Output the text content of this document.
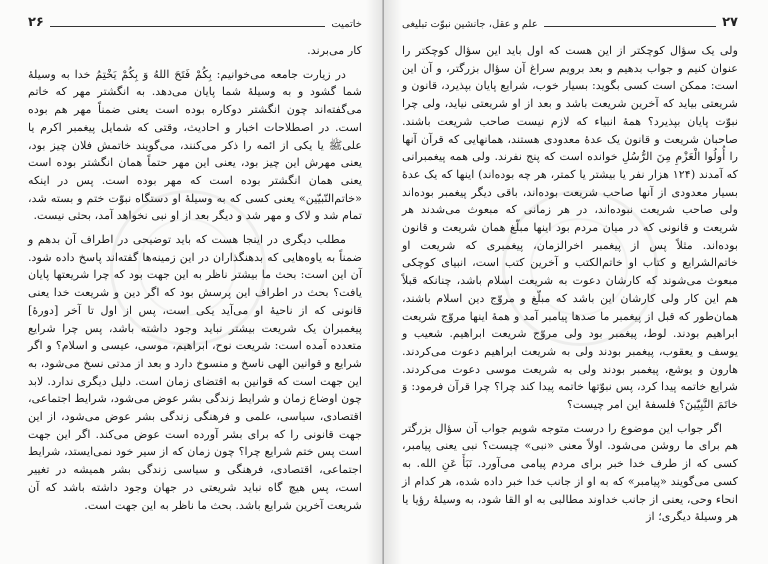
خاتمیت
۲۶

کار می‌برند.

در زیارت جامعه می‌خوانیم: بِکُمْ فَتَحَ اللهُ وَ بِکُمْ یَخْتِمُ خدا به وسیلهٔ شما گشود و به وسیلهٔ شما پایان می‌دهد. به انگشتر مهر که خاتم می‌گفته‌اند چون انگشتر دوکاره بوده است یعنی ضمناً مهر هم بوده است. در اصطلاحات اخبار و احادیث، وقتی که شمایل پیغمبر اکرم یا علی‌ﷺ یا یکی از ائمه را ذکر می‌کنند، می‌گویند خاتمش فلان چیز بود، یعنی مهرش این چیز بود، یعنی این مهر حتماً همان انگشتر بوده است یعنی همان انگشتر بوده است که مهر بوده است. پس در اینکه «خاتم‌النّبیّین» یعنی کسی که به وسیلهٔ او دستگاه نبوّت ختم و بسته شد، تمام شد و لاک و مهر شد و دیگر بعد از او نبی نخواهد آمد، بحثی نیست.

مطلب دیگری در اینجا هست که باید توضیحی در اطراف آن بدهم و ضمناً به یاوه‌هایی که بدهنگذاران در این زمینه‌ها گفته‌اند پاسخ داده شود. آن این است: بحث ما بیشتر ناظر به این جهت بود که چرا شریعتها پایان یافت؟ بحث در اطراف این پرسش بود که اگر دین و شریعت خدا یعنی قانونی که از ناحیهٔ او می‌آید یکی است، پس از اول تا آخر [دورهٔ] پیغمبران یک شریعت بیشتر نباید وجود داشته باشد، پس چرا شرایع متعدده آمده است: شریعت نوح، ابراهیم، موسی، عیسی و اسلام؟ و اگر شرایع و قوانین الهی ناسخ و منسوخ دارد و بعد از مدتی نسخ می‌شود، به این جهت است که قوانین به اقتضای زمان است. دلیل دیگری ندارد. لابد چون اوضاع زمان و شرایط زندگی بشر عوض می‌شود، شرایط اجتماعی، اقتصادی، سیاسی، علمی و فرهنگی زندگی بشر عوض می‌شود، از این جهت قانونی را که برای بشر آورده است عوض می‌کند. اگر این جهت است پس ختم شرایع چرا؟ چون زمان که از سیر خود نمی‌ایستد، شرایط اجتماعی، اقتصادی، فرهنگی و سیاسی زندگی بشر همیشه در تغییر است، پس هیچ گاه نباید شریعتی در جهان وجود داشته باشد که آن شریعت آخرین شرایع باشد. بحث ما ناظر به این جهت است.

۲۷
علم و عقل، جانشین نبوّت تبلیغی

ولی یک سؤال کوچکتر از این هست که اول باید این سؤال کوچکتر را عنوان کنیم و جواب بدهیم و بعد برویم سراغ آن سؤال بزرگتر، و آن این است: ممکن است کسی بگوید: بسیار خوب، شرایع پایان بپذیرد، قانون و شریعتی بیاید که آخرین شریعت باشد و بعد از او شریعتی نیاید، ولی چرا نبوّت پایان بپذیرد؟ همهٔ انبیاء که لازم نیست صاحب شریعت باشند. صاحبان شریعت و قانون یک عدهٔ معدودی هستند، همانهایی که قرآن آنها را أُولُوا الْعَزْمِ مِنَ الرُّسُلِ خوانده است که پنج نفرند. ولی همه پیغمبرانی که آمدند (۱۲۴ هزار نفر یا بیشتر یا کمتر، هر چه بوده‌اند) اینها که یک عدهٔ بسیار معدودی از آنها صاحب شریعت بوده‌اند، باقی دیگر پیغمبر بوده‌اند ولی صاحب شریعت نبوده‌اند، در هر زمانی که مبعوث می‌شدند هر شریعت و قانونی که در میان مردم بود اینها مبلّغ همان شریعت و قانون بوده‌اند. مثلاً پس از پیغمبر اخرالزمان، پیغمبری که شریعت او خاتم‌الشرایع و کتاب او خاتم‌الکتب و آخرین کتب است، انبیای کوچکی مبعوث می‌شوند که کارشان دعوت به شریعت اسلام باشد، چنانکه قبلاً هم این کار ولی کارشان این باشد که مبلّغ و مروّج دین اسلام باشند، همان‌طور که قبل از پیغمبر ما صدها پیامبر آمد و همهٔ اینها مروّج شریعت ابراهیم بودند. لوط، پیغمبر بود ولی مروّج شریعت ابراهیم. شعیب و یوسف و یعقوب، پیغمبر بودند ولی به شریعت ابراهیم دعوت می‌کردند. هارون و یوشع، پیغمبر بودند ولی به شریعت موسی دعوت می‌کردند. شرایع خاتمه پیدا کرد، پس نبوّتها خاتمه پیدا کند چرا؟ چرا قرآن فرمود: وَ خاتَمَ النَّبِیّینَ؟ فلسفهٔ این امر چیست؟

اگر جواب این موضوع را درست متوجه شویم جواب آن سؤال بزرگتر هم برای ما روشن می‌شود. اولاً معنی «نبی» چیست؟ نبی یعنی پیامبر، کسی که از طرف خدا خبر برای مردم پیامی می‌آورد. نَبَأَ عَنِ الله. به کسی می‌گویند «پیامبر» که به او از جانب خدا خبر داده شده، هر کدام از انحاء وحی، یعنی از جانب خداوند مطالبی به او القا شود، به وسیلهٔ رؤیا یا هر وسیلهٔ دیگری؛ از
